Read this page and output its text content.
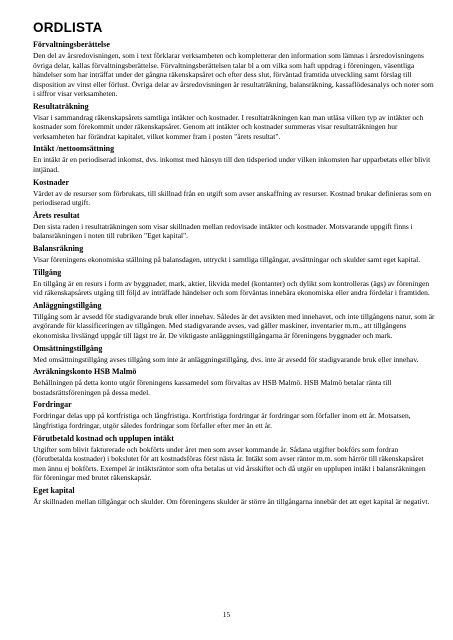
ORDLISTA
Förvaltningsberättelse
Den del av årsredovisningen, som i text förklarar verksamheten och kompletterar den information som lämnas i årsredovisningens övriga delar, kallas förvaltningsberättelse. Förvaltningsberättelsen talar bl a om vilka som haft uppdrag i föreningen, väsentliga händelser som har inträffat under det gångna räkenskapsåret och efter dess slut, förväntad framtida utveckling samt förslag till disposition av vinst eller förlust. Övriga delar av årsredovisningen är resultaträkning, balansräkning, kassaflödesanalys och noter som i siffror visar verksamheten.
Resultaträkning
Visar i sammandrag räkenskapsårets samtliga intäkter och kostnader. I resultaträkningen kan man utläsa vilken typ av intäkter och kostnader som förekommit under räkenskapsåret. Genom att intäkter och kostnader summeras visar resultaträkningen hur verksamheten har förändrat kapitalet, vilket kommer fram i posten "årets resultat".
Intäkt /nettoomsättning
En intäkt är en periodiserad inkomst, dvs. inkomst med hänsyn till den tidsperiod under vilken inkomsten har upparbetats eller blivit intjänad.
Kostnader
Värdet av de resurser som förbrukats, till skillnad från en utgift som avser anskaffning av resurser. Kostnad brukar definieras som en periodiserad utgift.
Årets resultat
Den sista raden i resultaträkningen som visar skillnaden mellan redovisade intäkter och kostnader. Motsvarande uppgift finns i balansräkningen i noten till rubriken "Eget kapital".
Balansräkning
Visar föreningens ekonomiska ställning på balansdagen, uttryckt i samtliga tillgångar, avsättningar och skulder samt eget kapital.
Tillgång
En tillgång är en resurs i form av byggnader, mark, aktier, likvida medel (kontanter) och dylikt som kontrolleras (ägs) av föreningen vid räkenskapsårets utgång till följd av inträffade händelser och som förväntas innebära ekonomiska eller andra fördelar i framtiden.
Anläggningstillgång
Tillgång som är avsedd för stadigvarande bruk eller innehav. Således är det avsikten med innehavet, och inte tillgångens natur, som är avgörande för klassificeringen av tillgången. Med stadigvarande avses, vad gäller maskiner, inventarier m.m., att tillgångens ekonomiska livslängd uppgår till lägst tre år. De viktigaste anläggningstillgångarna är föreningens byggnader och mark.
Omsättningstillgång
Med omsättningstillgång avses tillgång som inte är anläggningstillgång, dvs. inte är avsedd för stadigvarande bruk eller innehav.
Avräkningskonto HSB Malmö
Behållningen på detta konto utgör föreningens kassamedel som förvaltas av HSB Malmö. HSB Malmö betalar ränta till bostadsrättsföreningen på dessa medel.
Fordringar
Fordringar delas upp på kortfristiga och långfristiga. Kortfristiga fordringar är fordringar som förfaller inom ett år. Motsatsen, långfristiga fordringar, utgör således fordringar som förfaller efter mer än ett år.
Förutbetald kostnad och upplupen intäkt
Utgifter som blivit fakturerade och bokförts under året men som avser kommande år. Sådana utgifter bokförs som fordran (förutbetalda kostnader) i bokslutet för att kostnadsföras först nästa år. Intäkt som avser räntor m.m. som härrör till räkenskapsåret men ännu ej bokförts. Exempel är intäktsräntor som ofta betalas ut vid årsskiftet och då utgör en upplupen intäkt i balansräkningen för föreningar med brutet räkenskapsår.
Eget kapital
Är skillnaden mellan tillgångar och skulder. Om föreningens skulder är större än tillgångarna innebär det att eget kapital är negativt.
15
